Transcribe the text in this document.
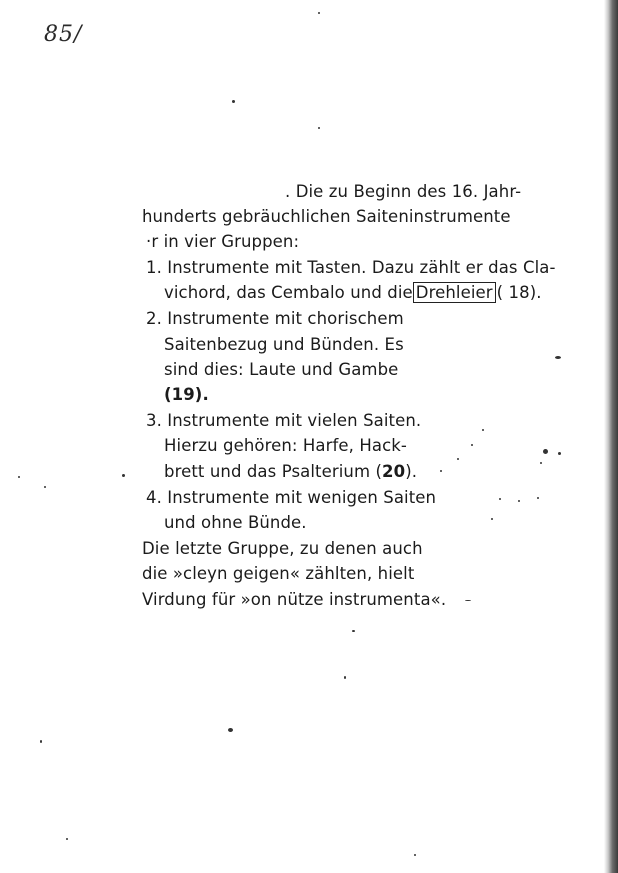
85/
. Die zu Beginn des 16. Jahr-
hunderts gebräuchlichen Saiteninstrumente
·r in vier Gruppen:
1. Instrumente mit Tasten. Dazu zählt er das Cla-
vichord, das Cembalo und die Drehleier ( 18).
2. Instrumente mit chorischem
Saitenbezug und Bünden. Es
sind dies: Laute und Gambe
(19).
3. Instrumente mit vielen Saiten.
Hierzu gehören: Harfe, Hack-
brett und das Psalterium (20).
4. Instrumente mit wenigen Saiten
und ohne Bünde.
Die letzte Gruppe, zu denen auch
die »cleyn geigen« zählten, hielt
Virdung für »on nütze instrumenta«.
